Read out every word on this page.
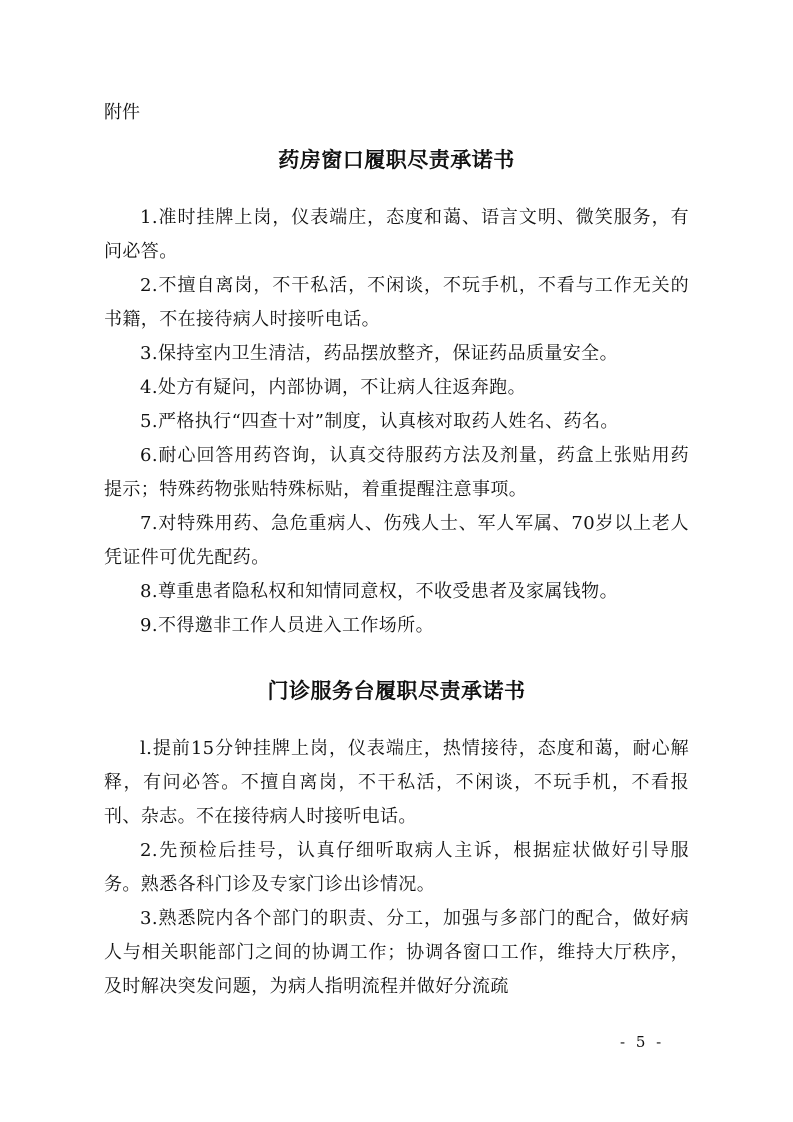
附件
药房窗口履职尽责承诺书

1.准时挂牌上岗，仪表端庄，态度和蔼、语言文明、微笑服务，有问必答。

2.不擅自离岗，不干私活，不闲谈，不玩手机，不看与工作无关的书籍，不在接待病人时接听电话。

3.保持室内卫生清洁，药品摆放整齐，保证药品质量安全。

4.处方有疑问，内部协调，不让病人往返奔跑。

5.严格执行“四查十对”制度，认真核对取药人姓名、药名。

6.耐心回答用药咨询，认真交待服药方法及剂量，药盒上张贴用药提示；特殊药物张贴特殊标贴，着重提醒注意事项。

7.对特殊用药、急危重病人、伤残人士、军人军属、70岁以上老人凭证件可优先配药。

8.尊重患者隐私权和知情同意权，不收受患者及家属钱物。

9.不得邀非工作人员进入工作场所。

门诊服务台履职尽责承诺书

l.提前15分钟挂牌上岗，仪表端庄，热情接待，态度和蔼，耐心解释，有问必答。不擅自离岗，不干私活，不闲谈，不玩手机，不看报刊、杂志。不在接待病人时接听电话。

2.先预检后挂号，认真仔细听取病人主诉，根据症状做好引导服务。熟悉各科门诊及专家门诊出诊情况。

3.熟悉院内各个部门的职责、分工，加强与多部门的配合，做好病人与相关职能部门之间的协调工作；协调各窗口工作，维持大厅秩序，及时解决突发问题，为病人指明流程并做好分流疏

- 5 -
